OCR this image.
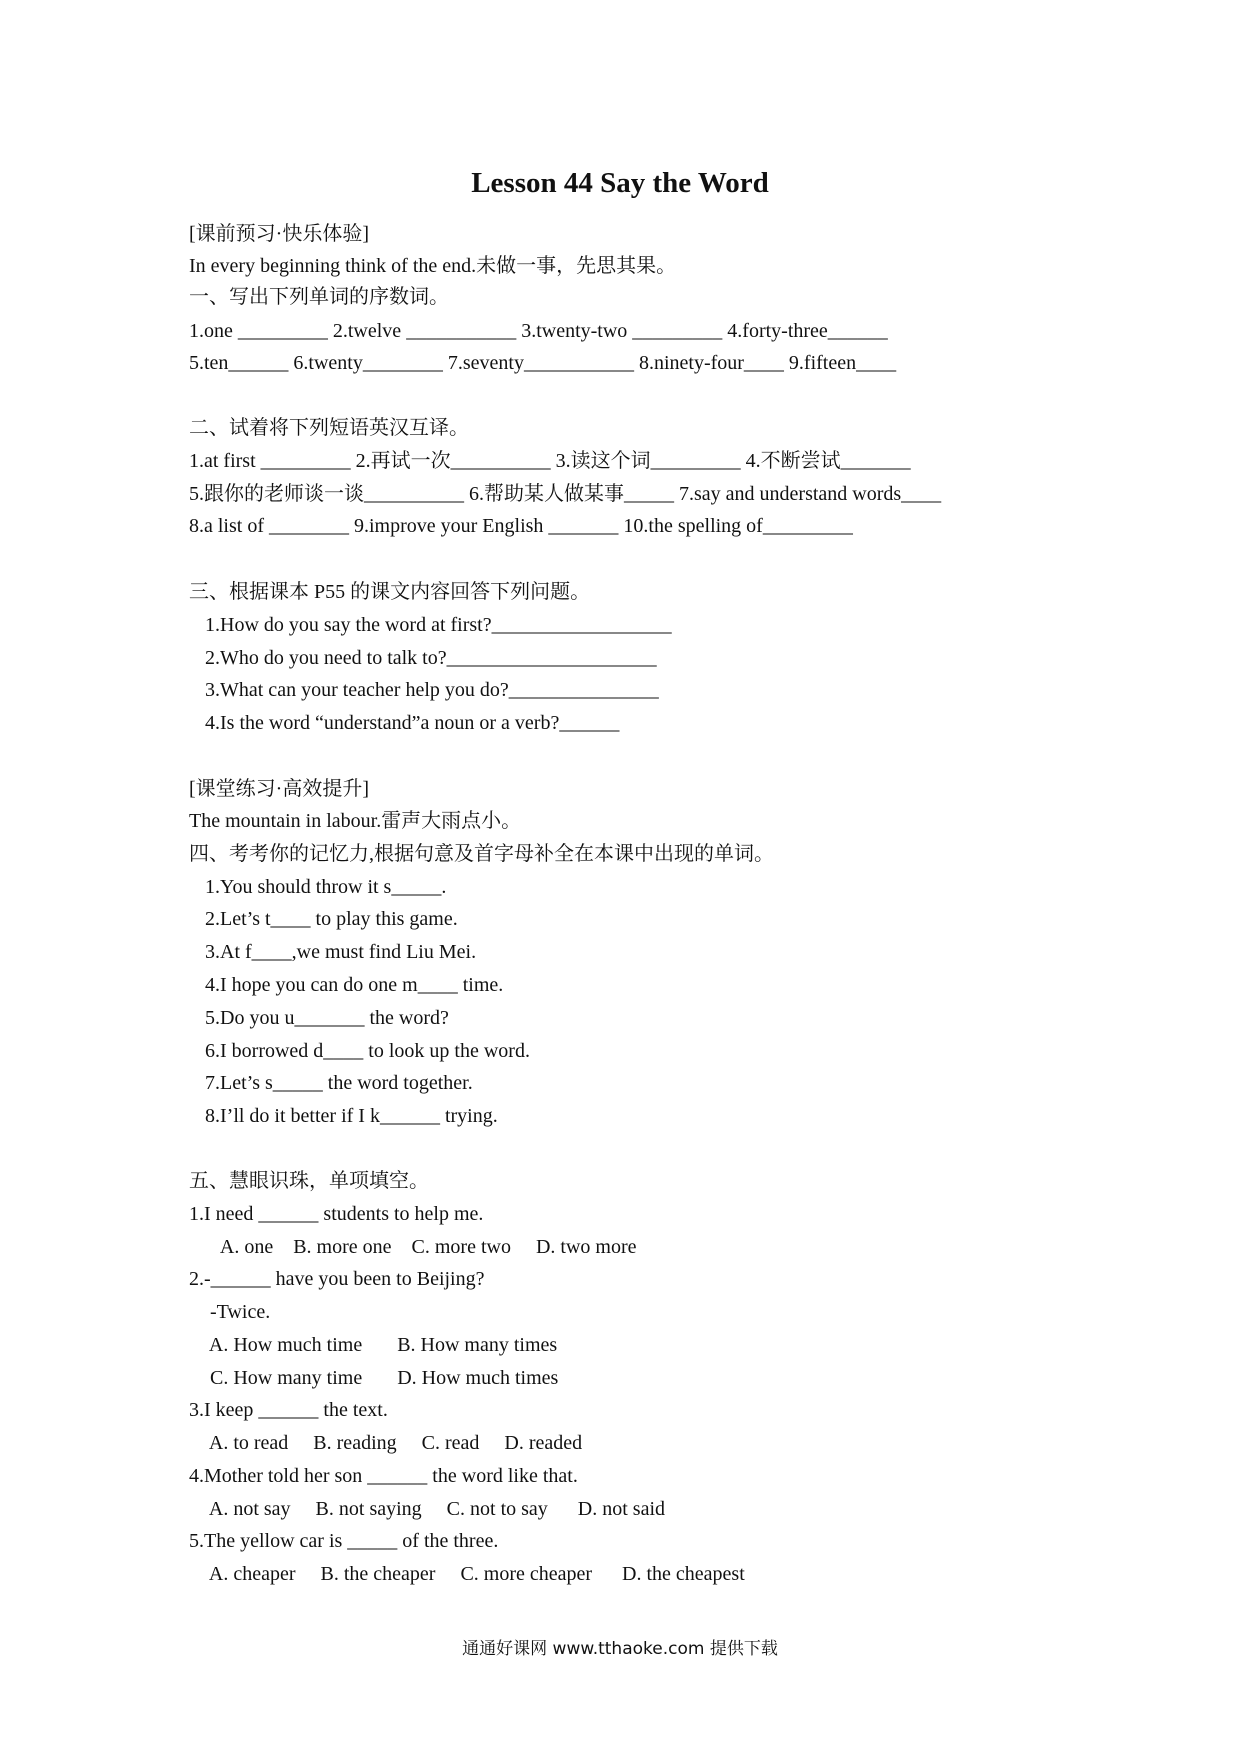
Lesson 44 Say the Word
[课前预习·快乐体验]
In every beginning think of the end.未做一事，先思其果。
一、写出下列单词的序数词。
1.one _________ 2.twelve ___________ 3.twenty-two _________ 4.forty-three______
5.ten______ 6.twenty________ 7.seventy___________ 8.ninety-four____ 9.fifteen____
二、试着将下列短语英汉互译。
1.at first _________ 2.再试一次__________ 3.读这个词_________ 4.不断尝试_______
5.跟你的老师谈一谈__________ 6.帮助某人做某事_____ 7.say and understand words____
8.a list of ________ 9.improve your English _______ 10.the spelling of_________
三、根据课本 P55 的课文内容回答下列问题。
1.How do you say the word at first?__________________
2.Who do you need to talk to?_____________________
3.What can your teacher help you do?_______________
4.Is the word “understand”a noun or a verb?______
[课堂练习·高效提升]
The mountain in labour.雷声大雨点小。
四、考考你的记忆力,根据句意及首字母补全在本课中出现的单词。
1.You should throw it s_____.
2.Let’s t____ to play this game.
3.At f____,we must find Liu Mei.
4.I hope you can do one m____ time.
5.Do you u_______ the word?
6.I borrowed d____ to look up the word.
7.Let’s s_____ the word together.
8.I’ll do it better if I k______ trying.
五、慧眼识珠，单项填空。
1.I need ______ students to help me.
A. one    B. more one    C. more two     D. two more
2.-______ have you been to Beijing?
-Twice.
A. How much time       B. How many times
C. How many time       D. How much times
3.I keep ______ the text.
A. to read     B. reading     C. read     D. readed
4.Mother told her son ______ the word like that.
A. not say     B. not saying     C. not to say      D. not said
5.The yellow car is _____ of the three.
A. cheaper     B. the cheaper     C. more cheaper      D. the cheapest
通通好课网 www.tthaoke.com 提供下载
